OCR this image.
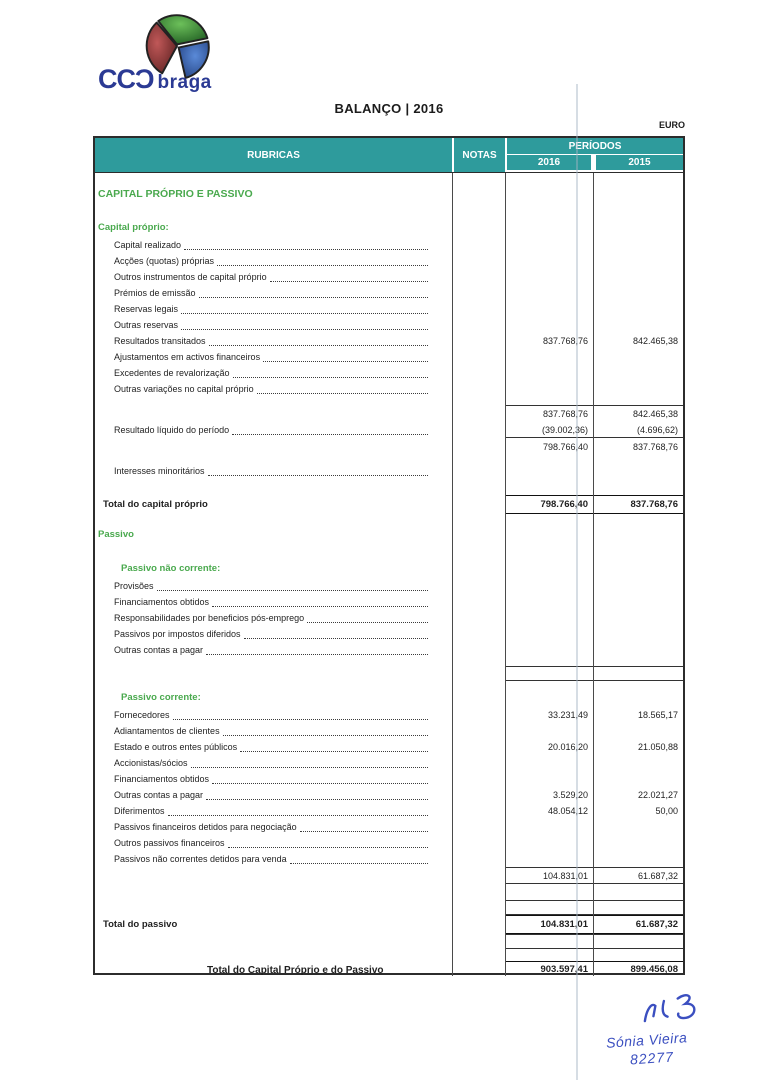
CCƆ braga
BALANÇO | 2016
EURO
RUBRICAS	NOTAS
PERÍODOS
2016	2015
CAPITAL PRÓPRIO E PASSIVO
Capital próprio:
Capital realizado
Acções (quotas) próprias
Outros instrumentos de capital próprio
Prémios de emissão
Reservas legais
Outras reservas
Resultados transitados	837.768,76	842.465,38
Ajustamentos em activos financeiros
Excedentes de revalorização
Outras variações no capital próprio
837.768,76	842.465,38
Resultado líquido do período	(39.002,36)	(4.696,62)
798.766,40	837.768,76
Interesses minoritários
Total do capital próprio	798.766,40	837.768,76
Passivo
Passivo não corrente:
Provisões
Financiamentos obtidos
Responsabilidades por beneficios pós-emprego
Passivos por impostos diferidos
Outras contas a pagar
Passivo corrente:
Fornecedores	33.231,49	18.565,17
Adiantamentos de clientes
Estado e outros entes públicos	20.016,20	21.050,88
Accionistas/sócios
Financiamentos obtidos
Outras contas a pagar	3.529,20	22.021,27
Diferimentos	48.054,12	50,00
Passivos financeiros detidos para negociação
Outros passivos financeiros
Passivos não correntes detidos para venda
104.831,01	61.687,32
Total do passivo	104.831,01	61.687,32
Total do Capital Próprio e do Passivo	903.597,41	899.456,08
Sónia Vieira
82277
